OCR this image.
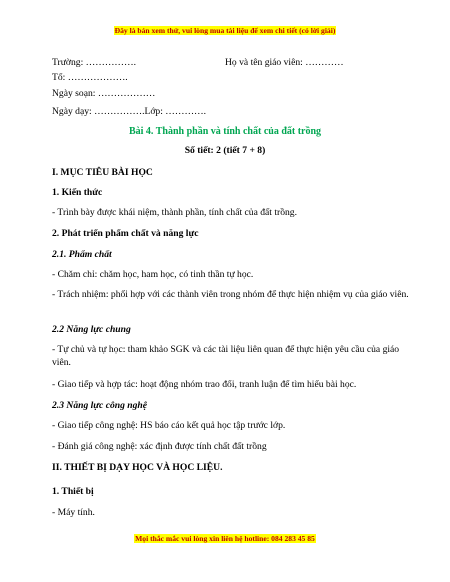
Đây là bản xem thử, vui lòng mua tài liệu để xem chi tiết (có lời giải)
Trường: …………….	Họ và tên giáo viên: …………
Tổ: ……………….
Ngày soạn: ………………
Ngày dạy: …………….Lớp: ………….
Bài 4. Thành phần và tính chất của đất trồng
Số tiết: 2 (tiết 7 + 8)
I. MỤC TIÊU BÀI HỌC
1. Kiến thức
- Trình bày được khái niệm, thành phần, tính chất của đất trồng.
2. Phát triển phẩm chất và năng lực
2.1. Phẩm chất
- Chăm chỉ: chăm học, ham học, có tinh thần tự học.
- Trách nhiệm: phối hợp với các thành viên trong nhóm để thực hiện nhiệm vụ của giáo viên.
2.2 Năng lực chung
- Tự chủ và tự học: tham khảo SGK và các tài liệu liên quan để thực hiện yêu cầu của giáo viên.
- Giao tiếp và hợp tác: hoạt động nhóm trao đổi, tranh luận để tìm hiểu bài học.
2.3 Năng lực công nghệ
- Giao tiếp công nghệ: HS báo cáo kết quả học tập trước lớp.
- Đánh giá công nghệ: xác định được tính chất đất trồng
II. THIẾT BỊ DẠY HỌC VÀ HỌC LIỆU.
1. Thiết bị
- Máy tính.
Mọi thắc mắc vui lòng xin liên hệ hotline: 084 283 45 85
